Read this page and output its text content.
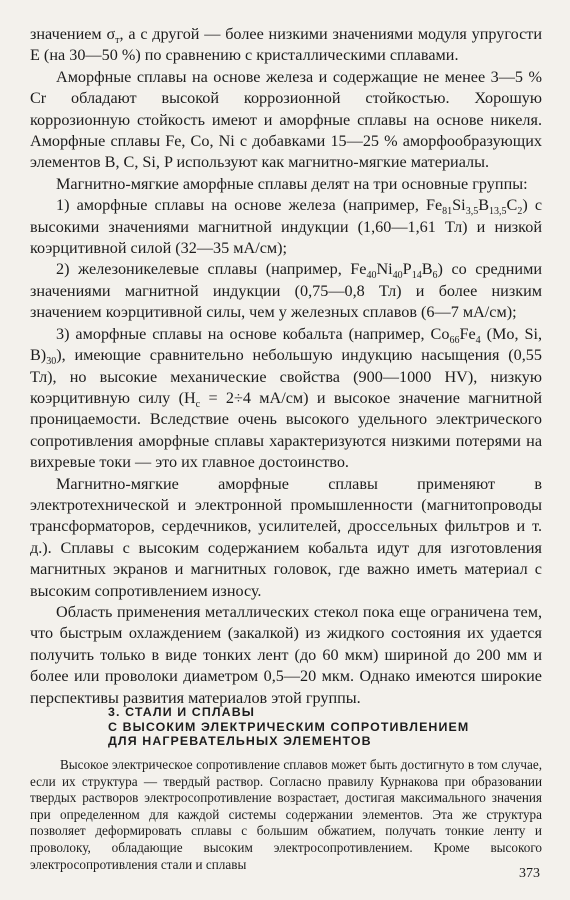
значением $\sigma_т$, а с другой — более низкими значениями модуля упругости E (на 30—50 %) по сравнению с кристаллическими сплавами.

Аморфные сплавы на основе железа и содержащие не менее 3—5 % Cr обладают высокой коррозионной стойкостью. Хорошую коррозионную стойкость имеют и аморфные сплавы на основе никеля. Аморфные сплавы Fe, Co, Ni с добавками 15—25 % аморфообразующих элементов B, C, Si, P используют как магнитно-мягкие материалы.

Магнитно-мягкие аморфные сплавы делят на три основные группы:

1) аморфные сплавы на основе железа (например, $Fe_{81}Si_{3,5}B_{13,5}C_2$) с высокими значениями магнитной индукции (1,60—1,61 Тл) и низкой коэрцитивной силой (32—35 мА/см);

2) железоникелевые сплавы (например, $Fe_{40}Ni_{40}P_{14}B_6$) со средними значениями магнитной индукции (0,75—0,8 Тл) и более низким значением коэрцитивной силы, чем у железных сплавов (6—7 мА/см);

3) аморфные сплавы на основе кобальта (например, $Co_{66}Fe_4$ (Mo, Si, $B)_{30}$), имеющие сравнительно небольшую индукцию насыщения (0,55 Тл), но высокие механические свойства (900—1000 HV), низкую коэрцитивную силу ($H_c = 2\div 4$ мА/см) и высокое значение магнитной проницаемости. Вследствие очень высокого удельного электрического сопротивления аморфные сплавы характеризуются низкими потерями на вихревые токи — это их главное достоинство.

Магнитно-мягкие аморфные сплавы применяют в электротехнической и электронной промышленности (магнитопроводы трансформаторов, сердечников, усилителей, дроссельных фильтров и т. д.). Сплавы с высоким содержанием кобальта идут для изготовления магнитных экранов и магнитных головок, где важно иметь материал с высоким сопротивлением износу.

Область применения металлических стекол пока еще ограничена тем, что быстрым охлаждением (закалкой) из жидкого состояния их удается получить только в виде тонких лент (до 60 мкм) шириной до 200 мм и более или проволоки диаметром 0,5—20 мкм. Однако имеются широкие перспективы развития материалов этой группы.

3. СТАЛИ И СПЛАВЫ
С ВЫСОКИМ ЭЛЕКТРИЧЕСКИМ СОПРОТИВЛЕНИЕМ
ДЛЯ НАГРЕВАТЕЛЬНЫХ ЭЛЕМЕНТОВ

Высокое электрическое сопротивление сплавов может быть достигнуто в том случае, если их структура — твердый раствор. Согласно правилу Курнакова при образовании твердых растворов электросопротивление возрастает, достигая максимального значения при определенном для каждой системы содержании элементов. Эта же структура позволяет деформировать сплавы с большим обжатием, получать тонкие ленту и проволоку, обладающие высоким электросопротивлением. Кроме высокого электросопротивления стали и сплавы

373
